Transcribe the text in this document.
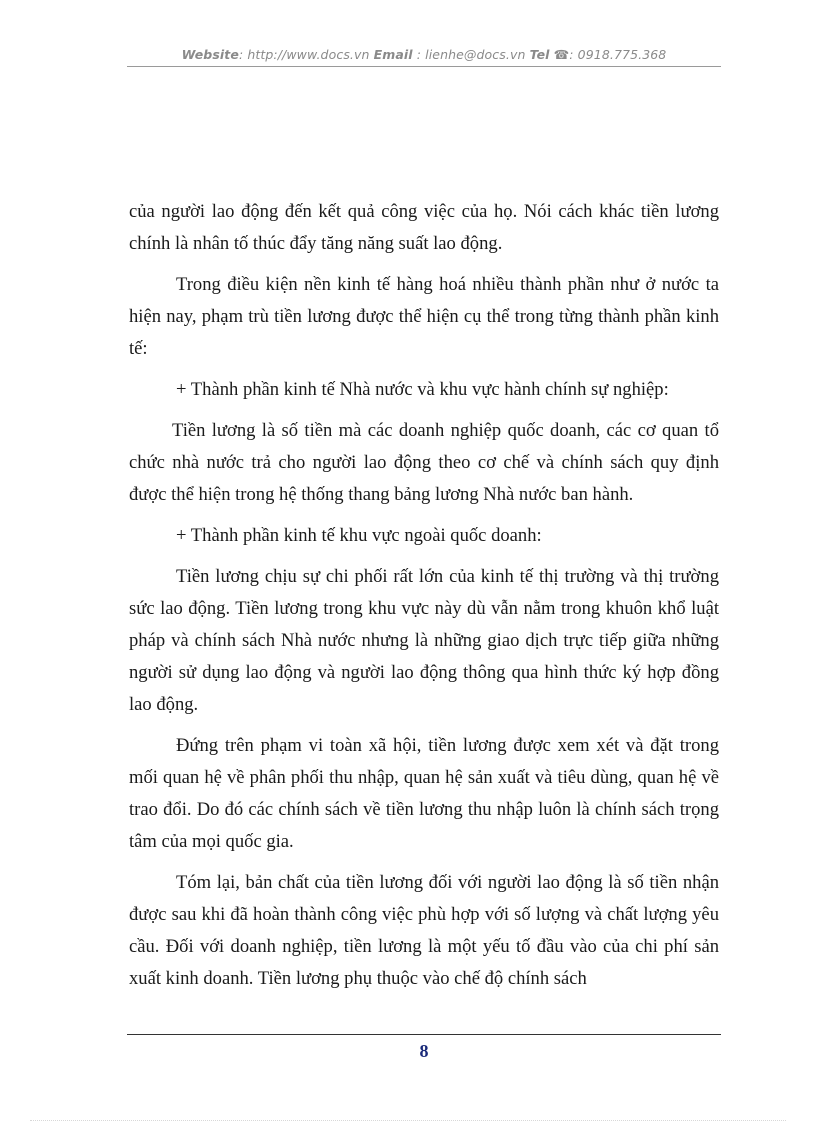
Website: http://www.docs.vn Email : lienhe@docs.vn Tel ☎: 0918.775.368

của người lao động đến kết quả công việc của họ. Nói cách khác tiền lương chính là nhân tố thúc đẩy tăng năng suất lao động.

Trong điều kiện nền kinh tế hàng hoá nhiều thành phần như ở nước ta hiện nay, phạm trù tiền lương được thể hiện cụ thể trong từng thành phần kinh tế:

+ Thành phần kinh tế Nhà nước và khu vực hành chính sự nghiệp:

Tiền lương là số tiền mà các doanh nghiệp quốc doanh, các cơ quan tổ chức nhà nước trả cho người lao động theo cơ chế và chính sách quy định được thể hiện trong hệ thống thang bảng lương Nhà nước ban hành.

+ Thành phần kinh tế khu vực ngoài quốc doanh:

Tiền lương chịu sự chi phối rất lớn của kinh tế thị trường và thị trường sức lao động. Tiền lương trong khu vực này dù vẫn nằm trong khuôn khổ luật pháp và chính sách Nhà nước nhưng là những giao dịch trực tiếp giữa những người sử dụng lao động và người lao động thông qua hình thức ký hợp đồng lao động.

Đứng trên phạm vi toàn xã hội, tiền lương được xem xét và đặt trong mối quan hệ về phân phối thu nhập, quan hệ sản xuất và tiêu dùng, quan hệ về trao đổi. Do đó các chính sách về tiền lương thu nhập luôn là chính sách trọng tâm của mọi quốc gia.

Tóm lại, bản chất của tiền lương đối với người lao động là số tiền nhận được sau khi đã hoàn thành công việc phù hợp với số lượng và chất lượng yêu cầu. Đối với doanh nghiệp, tiền lương là một yếu tố đầu vào của chi phí sản xuất kinh doanh. Tiền lương phụ thuộc vào chế độ chính sách

8
